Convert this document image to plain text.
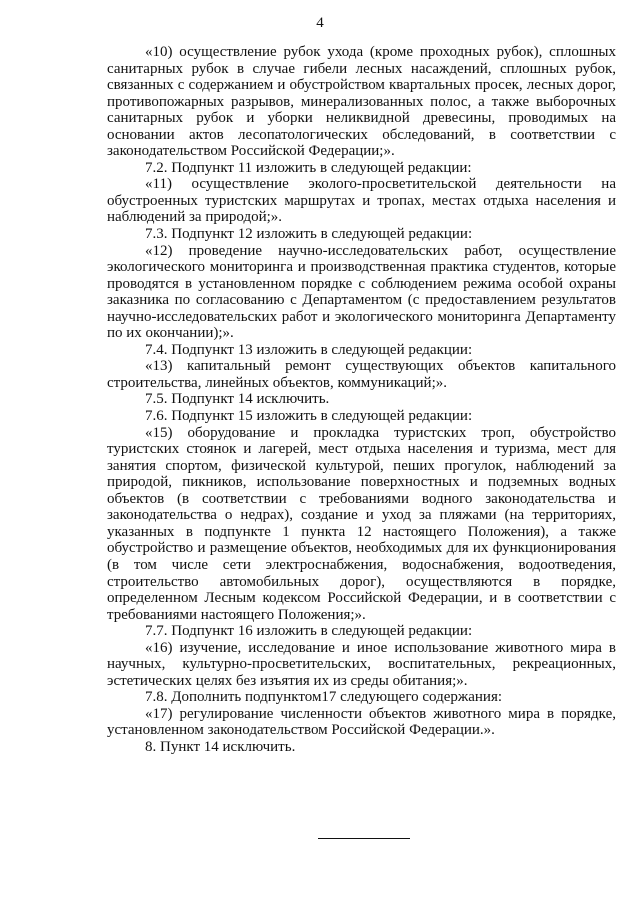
4

«10) осуществление рубок ухода (кроме проходных рубок), сплошных санитарных рубок в случае гибели лесных насаждений, сплошных рубок, связанных с содержанием и обустройством квартальных просек, лесных дорог, противопожарных разрывов, минерализованных полос, а также выборочных санитарных рубок и уборки неликвидной древесины, проводимых на основании актов лесопатологических обследований, в соответствии с законодательством Российской Федерации;».

7.2. Подпункт 11 изложить в следующей редакции:

«11) осуществление эколого-просветительской деятельности на обустроенных туристских маршрутах и тропах, местах отдыха населения и наблюдений за природой;».

7.3. Подпункт 12 изложить в следующей редакции:

«12) проведение научно-исследовательских работ, осуществление экологического мониторинга и производственная практика студентов, которые проводятся в установленном порядке с соблюдением режима особой охраны заказника по согласованию с Департаментом (с предоставлением результатов научно-исследовательских работ и экологического мониторинга Департаменту по их окончании);».

7.4. Подпункт 13 изложить в следующей редакции:

«13) капитальный ремонт существующих объектов капитального строительства, линейных объектов, коммуникаций;».

7.5. Подпункт 14 исключить.

7.6. Подпункт 15 изложить в следующей редакции:

«15) оборудование и прокладка туристских троп, обустройство туристских стоянок и лагерей, мест отдыха населения и туризма, мест для занятия спортом, физической культурой, пеших прогулок, наблюдений за природой, пикников, использование поверхностных и подземных водных объектов (в соответствии с требованиями водного законодательства и законодательства о недрах), создание и уход за пляжами (на территориях, указанных в подпункте 1 пункта 12 настоящего Положения), а также обустройство и размещение объектов, необходимых для их функционирования (в том числе сети электроснабжения, водоснабжения, водоотведения, строительство автомобильных дорог), осуществляются в порядке, определенном Лесным кодексом Российской Федерации, и в соответствии с требованиями настоящего Положения;».

7.7. Подпункт 16 изложить в следующей редакции:

«16) изучение, исследование и иное использование животного мира в научных, культурно-просветительских, воспитательных, рекреационных, эстетических целях без изъятия их из среды обитания;».

7.8. Дополнить подпунктом17 следующего содержания:

«17) регулирование численности объектов животного мира в порядке, установленном законодательством Российской Федерации.».

8. Пункт 14 исключить.
